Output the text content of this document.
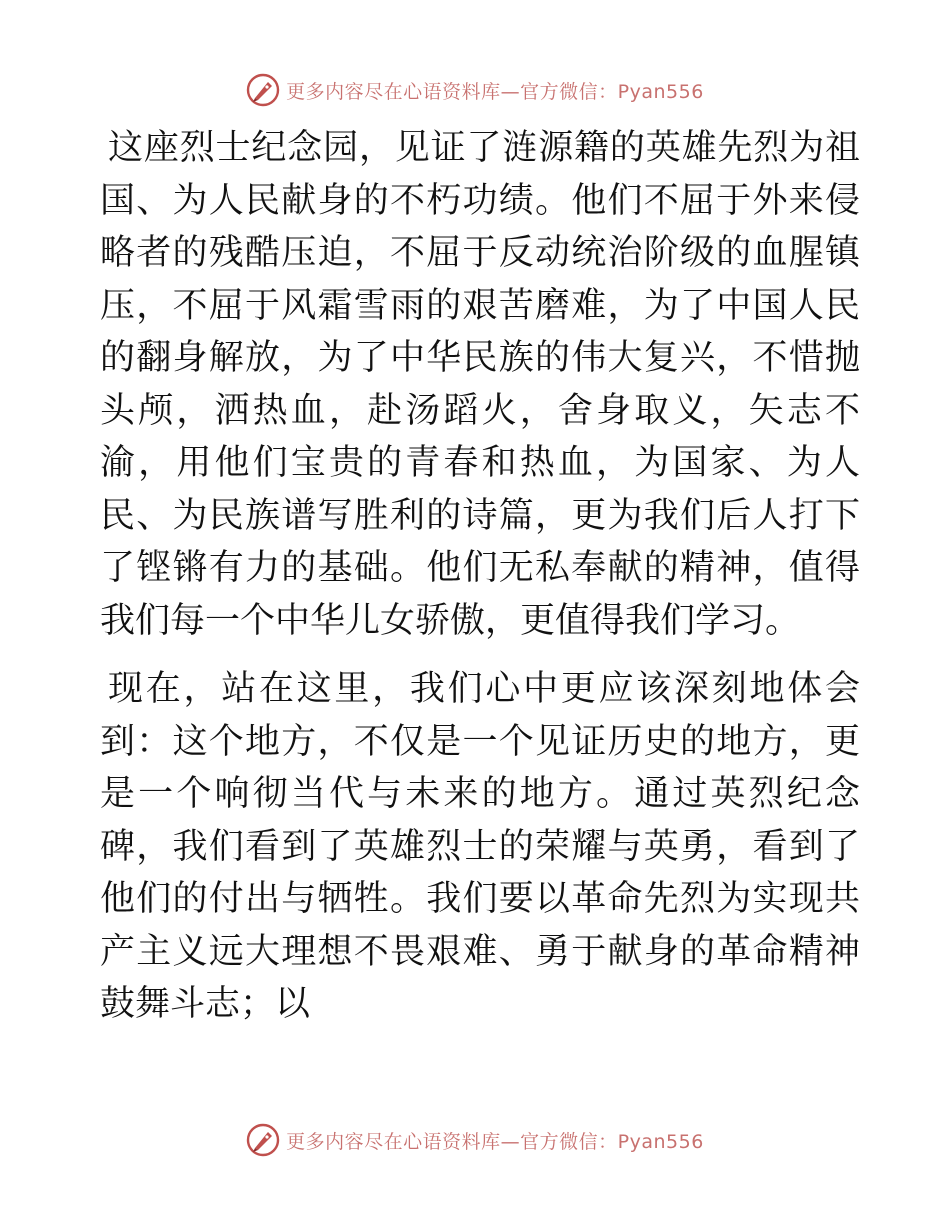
更多内容尽在心语资料库—官方微信：Pyan556

这座烈士纪念园，见证了涟源籍的英雄先烈为祖国、为人民献身的不朽功绩。他们不屈于外来侵略者的残酷压迫，不屈于反动统治阶级的血腥镇压，不屈于风霜雪雨的艰苦磨难，为了中国人民的翻身解放，为了中华民族的伟大复兴，不惜抛头颅，洒热血，赴汤蹈火，舍身取义，矢志不渝，用他们宝贵的青春和热血，为国家、为人民、为民族谱写胜利的诗篇，更为我们后人打下了铿锵有力的基础。他们无私奉献的精神，值得我们每一个中华儿女骄傲，更值得我们学习。

现在，站在这里，我们心中更应该深刻地体会到：这个地方，不仅是一个见证历史的地方，更是一个响彻当代与未来的地方。通过英烈纪念碑，我们看到了英雄烈士的荣耀与英勇，看到了他们的付出与牺牲。我们要以革命先烈为实现共产主义远大理想不畏艰难、勇于献身的革命精神鼓舞斗志；以

更多内容尽在心语资料库—官方微信：Pyan556
